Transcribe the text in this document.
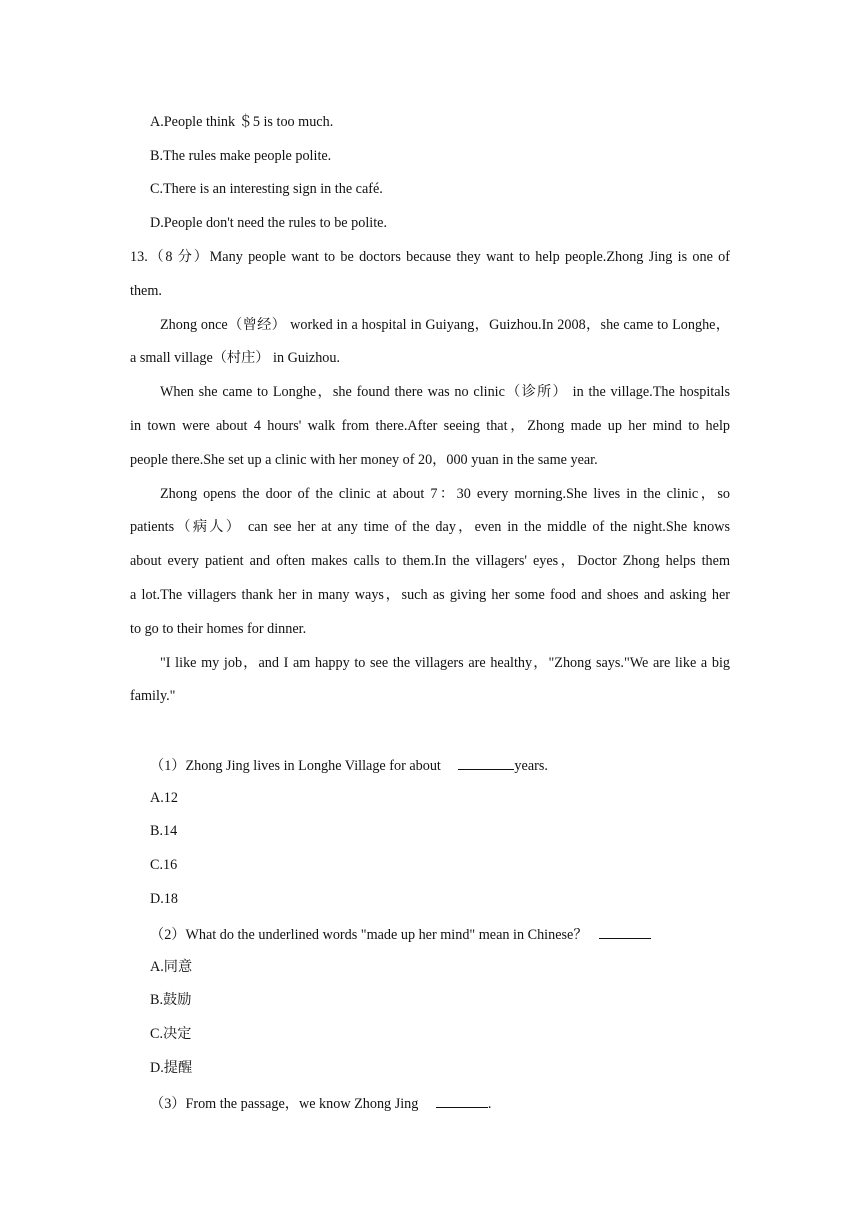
A.People think ＄5 is too much.
B.The rules make people polite.
C.There is an interesting sign in the café.
D.People don't need the rules to be polite.
13.（8 分）Many people want to be doctors because they want to help people.Zhong Jing is one of
them.
Zhong once（曾经） worked in a hospital in Guiyang，Guizhou.In 2008，she came to Longhe，
a small village（村庄） in Guizhou.
When she came to Longhe，she found there was no clinic（诊所） in the village.The hospitals
in town were about 4 hours' walk from there.After seeing that，Zhong made up her mind to help
people there.She set up a clinic with her money of 20，000 yuan in the same year.
Zhong opens the door of the clinic at about 7：30 every morning.She lives in the clinic，so
patients（病人） can see her at any time of the day，even in the middle of the night.She knows
about every patient and often makes calls to them.In the villagers' eyes，Doctor Zhong helps them
a lot.The villagers thank her in many ways，such as giving her some food and shoes and asking her
to go to their homes for dinner.
"I like my job，and I am happy to see the villagers are healthy，"Zhong says."We are like a big
family."
（1）Zhong Jing lives in Longhe Village for about	years.
A.12
B.14
C.16
D.18
（2）What do the underlined words "made up her mind" mean in Chinese？
A.同意
B.鼓励
C.决定
D.提醒
（3）From the passage，we know Zhong Jing	.
